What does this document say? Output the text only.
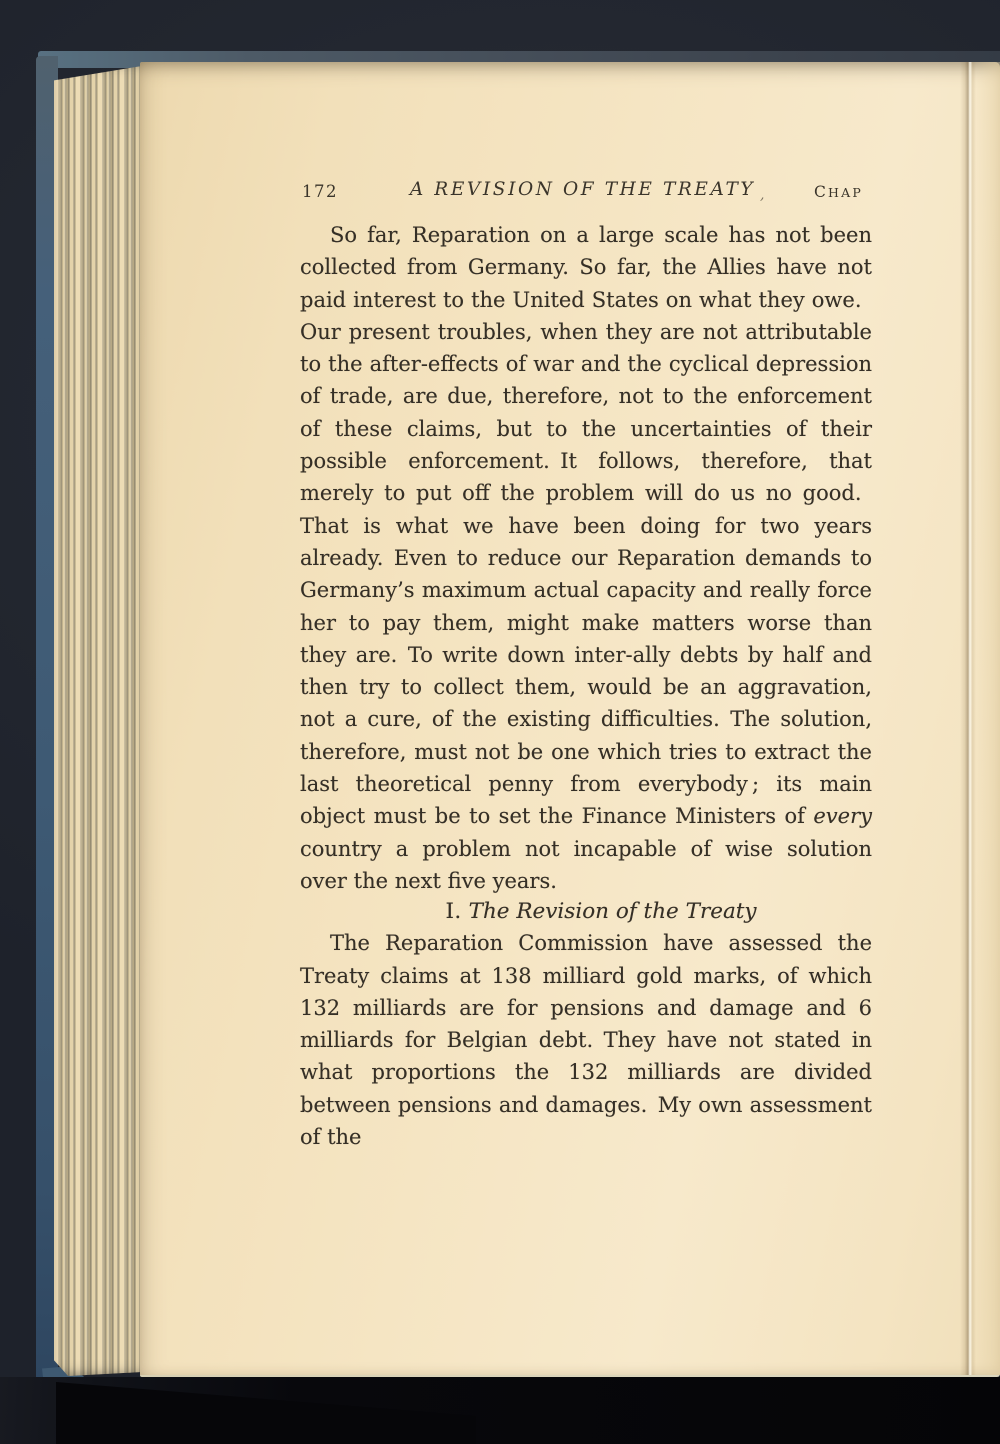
172	A REVISION OF THE TREATY ,	CHAP

So far, Reparation on a large scale has not been collected from Germany. So far, the Allies have not paid interest to the United States on what they owe. Our present troubles, when they are not attributable to the after-effects of war and the cyclical depression of trade, are due, therefore, not to the enforcement of these claims, but to the uncertainties of their possible enforcement. It follows, therefore, that merely to put off the problem will do us no good. That is what we have been doing for two years already. Even to reduce our Reparation demands to Germany’s maximum actual capacity and really force her to pay them, might make matters worse than they are. To write down inter-ally debts by half and then try to collect them, would be an aggravation, not a cure, of the existing difficulties. The solution, therefore, must not be one which tries to extract the last theoretical penny from everybody ; its main object must be to set the Finance Ministers of every country a problem not incapable of wise solution over the next five years.

I. The Revision of the Treaty

The Reparation Commission have assessed the Treaty claims at 138 milliard gold marks, of which 132 milliards are for pensions and damage and 6 milliards for Belgian debt. They have not stated in what proportions the 132 milliards are divided between pensions and damages. My own assessment of the
